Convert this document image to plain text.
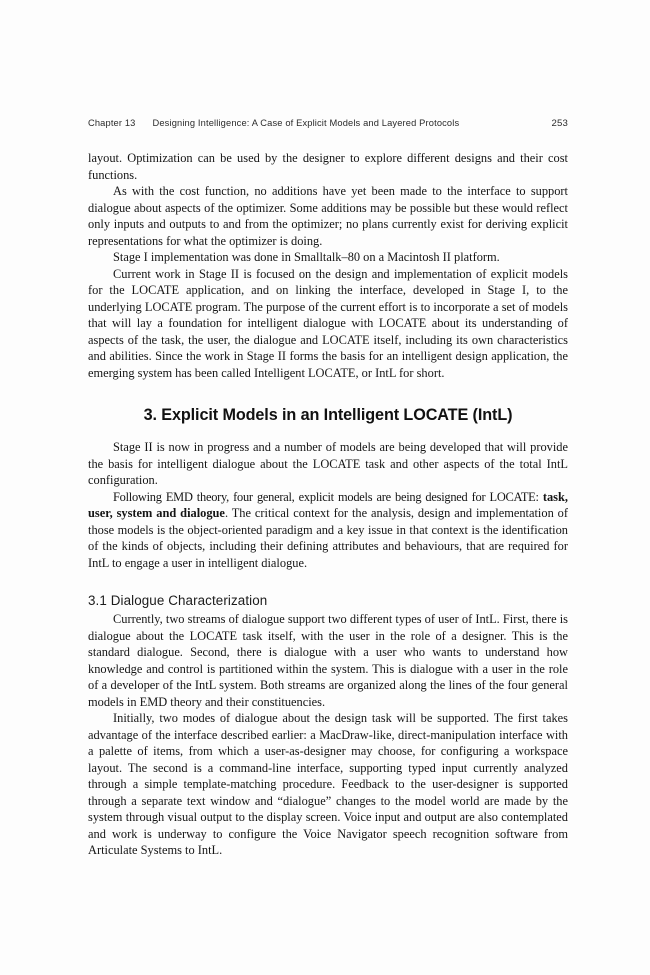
Chapter 13 Designing Intelligence: A Case of Explicit Models and Layered Protocols	253

layout. Optimization can be used by the designer to explore different designs and their cost functions.

As with the cost function, no additions have yet been made to the interface to support dialogue about aspects of the optimizer. Some additions may be possible but these would reflect only inputs and outputs to and from the optimizer; no plans currently exist for deriving explicit representations for what the optimizer is doing.

Stage I implementation was done in Smalltalk–80 on a Macintosh II platform.

Current work in Stage II is focused on the design and implementation of explicit models for the LOCATE application, and on linking the interface, developed in Stage I, to the underlying LOCATE program. The purpose of the current effort is to incorporate a set of models that will lay a foundation for intelligent dialogue with LOCATE about its understanding of aspects of the task, the user, the dialogue and LOCATE itself, including its own characteristics and abilities. Since the work in Stage II forms the basis for an intelligent design application, the emerging system has been called Intelligent LOCATE, or IntL for short.

3. Explicit Models in an Intelligent LOCATE (IntL)

Stage II is now in progress and a number of models are being developed that will provide the basis for intelligent dialogue about the LOCATE task and other aspects of the total IntL configuration.

Following EMD theory, four general, explicit models are being designed for LOCATE: task, user, system and dialogue. The critical context for the analysis, design and implementation of those models is the object-oriented paradigm and a key issue in that context is the identification of the kinds of objects, including their defining attributes and behaviours, that are required for IntL to engage a user in intelligent dialogue.

3.1 Dialogue Characterization

Currently, two streams of dialogue support two different types of user of IntL. First, there is dialogue about the LOCATE task itself, with the user in the role of a designer. This is the standard dialogue. Second, there is dialogue with a user who wants to understand how knowledge and control is partitioned within the system. This is dialogue with a user in the role of a developer of the IntL system. Both streams are organized along the lines of the four general models in EMD theory and their constituencies.

Initially, two modes of dialogue about the design task will be supported. The first takes advantage of the interface described earlier: a MacDraw-like, direct-manipulation interface with a palette of items, from which a user-as-designer may choose, for configuring a workspace layout. The second is a command-line interface, supporting typed input currently analyzed through a simple template-matching procedure. Feedback to the user-designer is supported through a separate text window and “dialogue” changes to the model world are made by the system through visual output to the display screen. Voice input and output are also contemplated and work is underway to configure the Voice Navigator speech recognition software from Articulate Systems to IntL.
